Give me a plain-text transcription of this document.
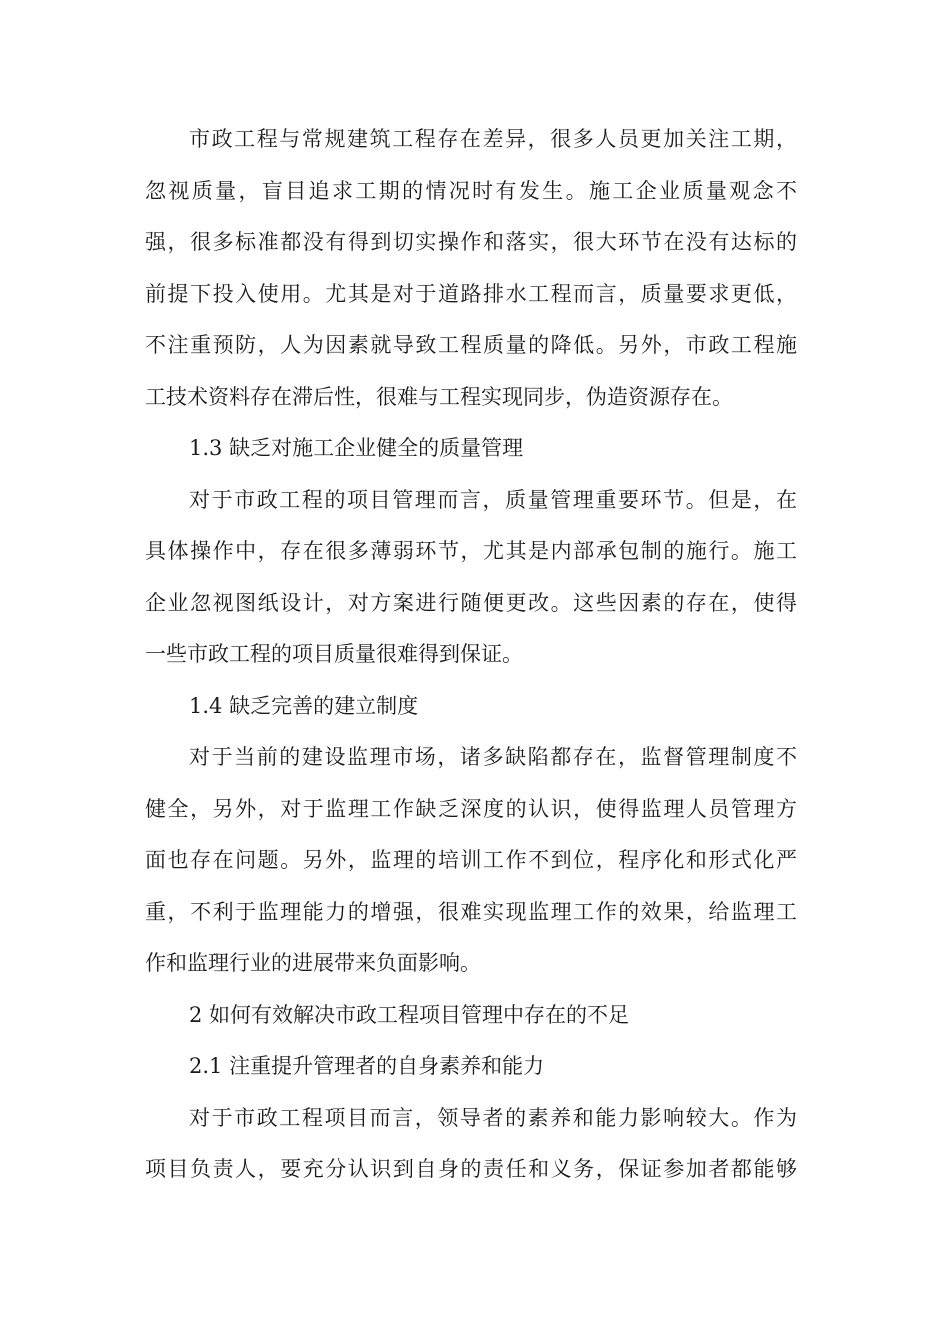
市政工程与常规建筑工程存在差异，很多人员更加关注工期，
忽视质量，盲目追求工期的情况时有发生。施工企业质量观念不
强，很多标准都没有得到切实操作和落实，很大环节在没有达标的
前提下投入使用。尤其是对于道路排水工程而言，质量要求更低，
不注重预防，人为因素就导致工程质量的降低。另外，市政工程施
工技术资料存在滞后性，很难与工程实现同步，伪造资源存在。
1.3 缺乏对施工企业健全的质量管理
对于市政工程的项目管理而言，质量管理重要环节。但是，在
具体操作中，存在很多薄弱环节，尤其是内部承包制的施行。施工
企业忽视图纸设计，对方案进行随便更改。这些因素的存在，使得
一些市政工程的项目质量很难得到保证。
1.4 缺乏完善的建立制度
对于当前的建设监理市场，诸多缺陷都存在，监督管理制度不
健全，另外，对于监理工作缺乏深度的认识，使得监理人员管理方
面也存在问题。另外，监理的培训工作不到位，程序化和形式化严
重，不利于监理能力的增强，很难实现监理工作的效果，给监理工
作和监理行业的进展带来负面影响。
2 如何有效解决市政工程项目管理中存在的不足
2.1 注重提升管理者的自身素养和能力
对于市政工程项目而言，领导者的素养和能力影响较大。作为
项目负责人，要充分认识到自身的责任和义务，保证参加者都能够
